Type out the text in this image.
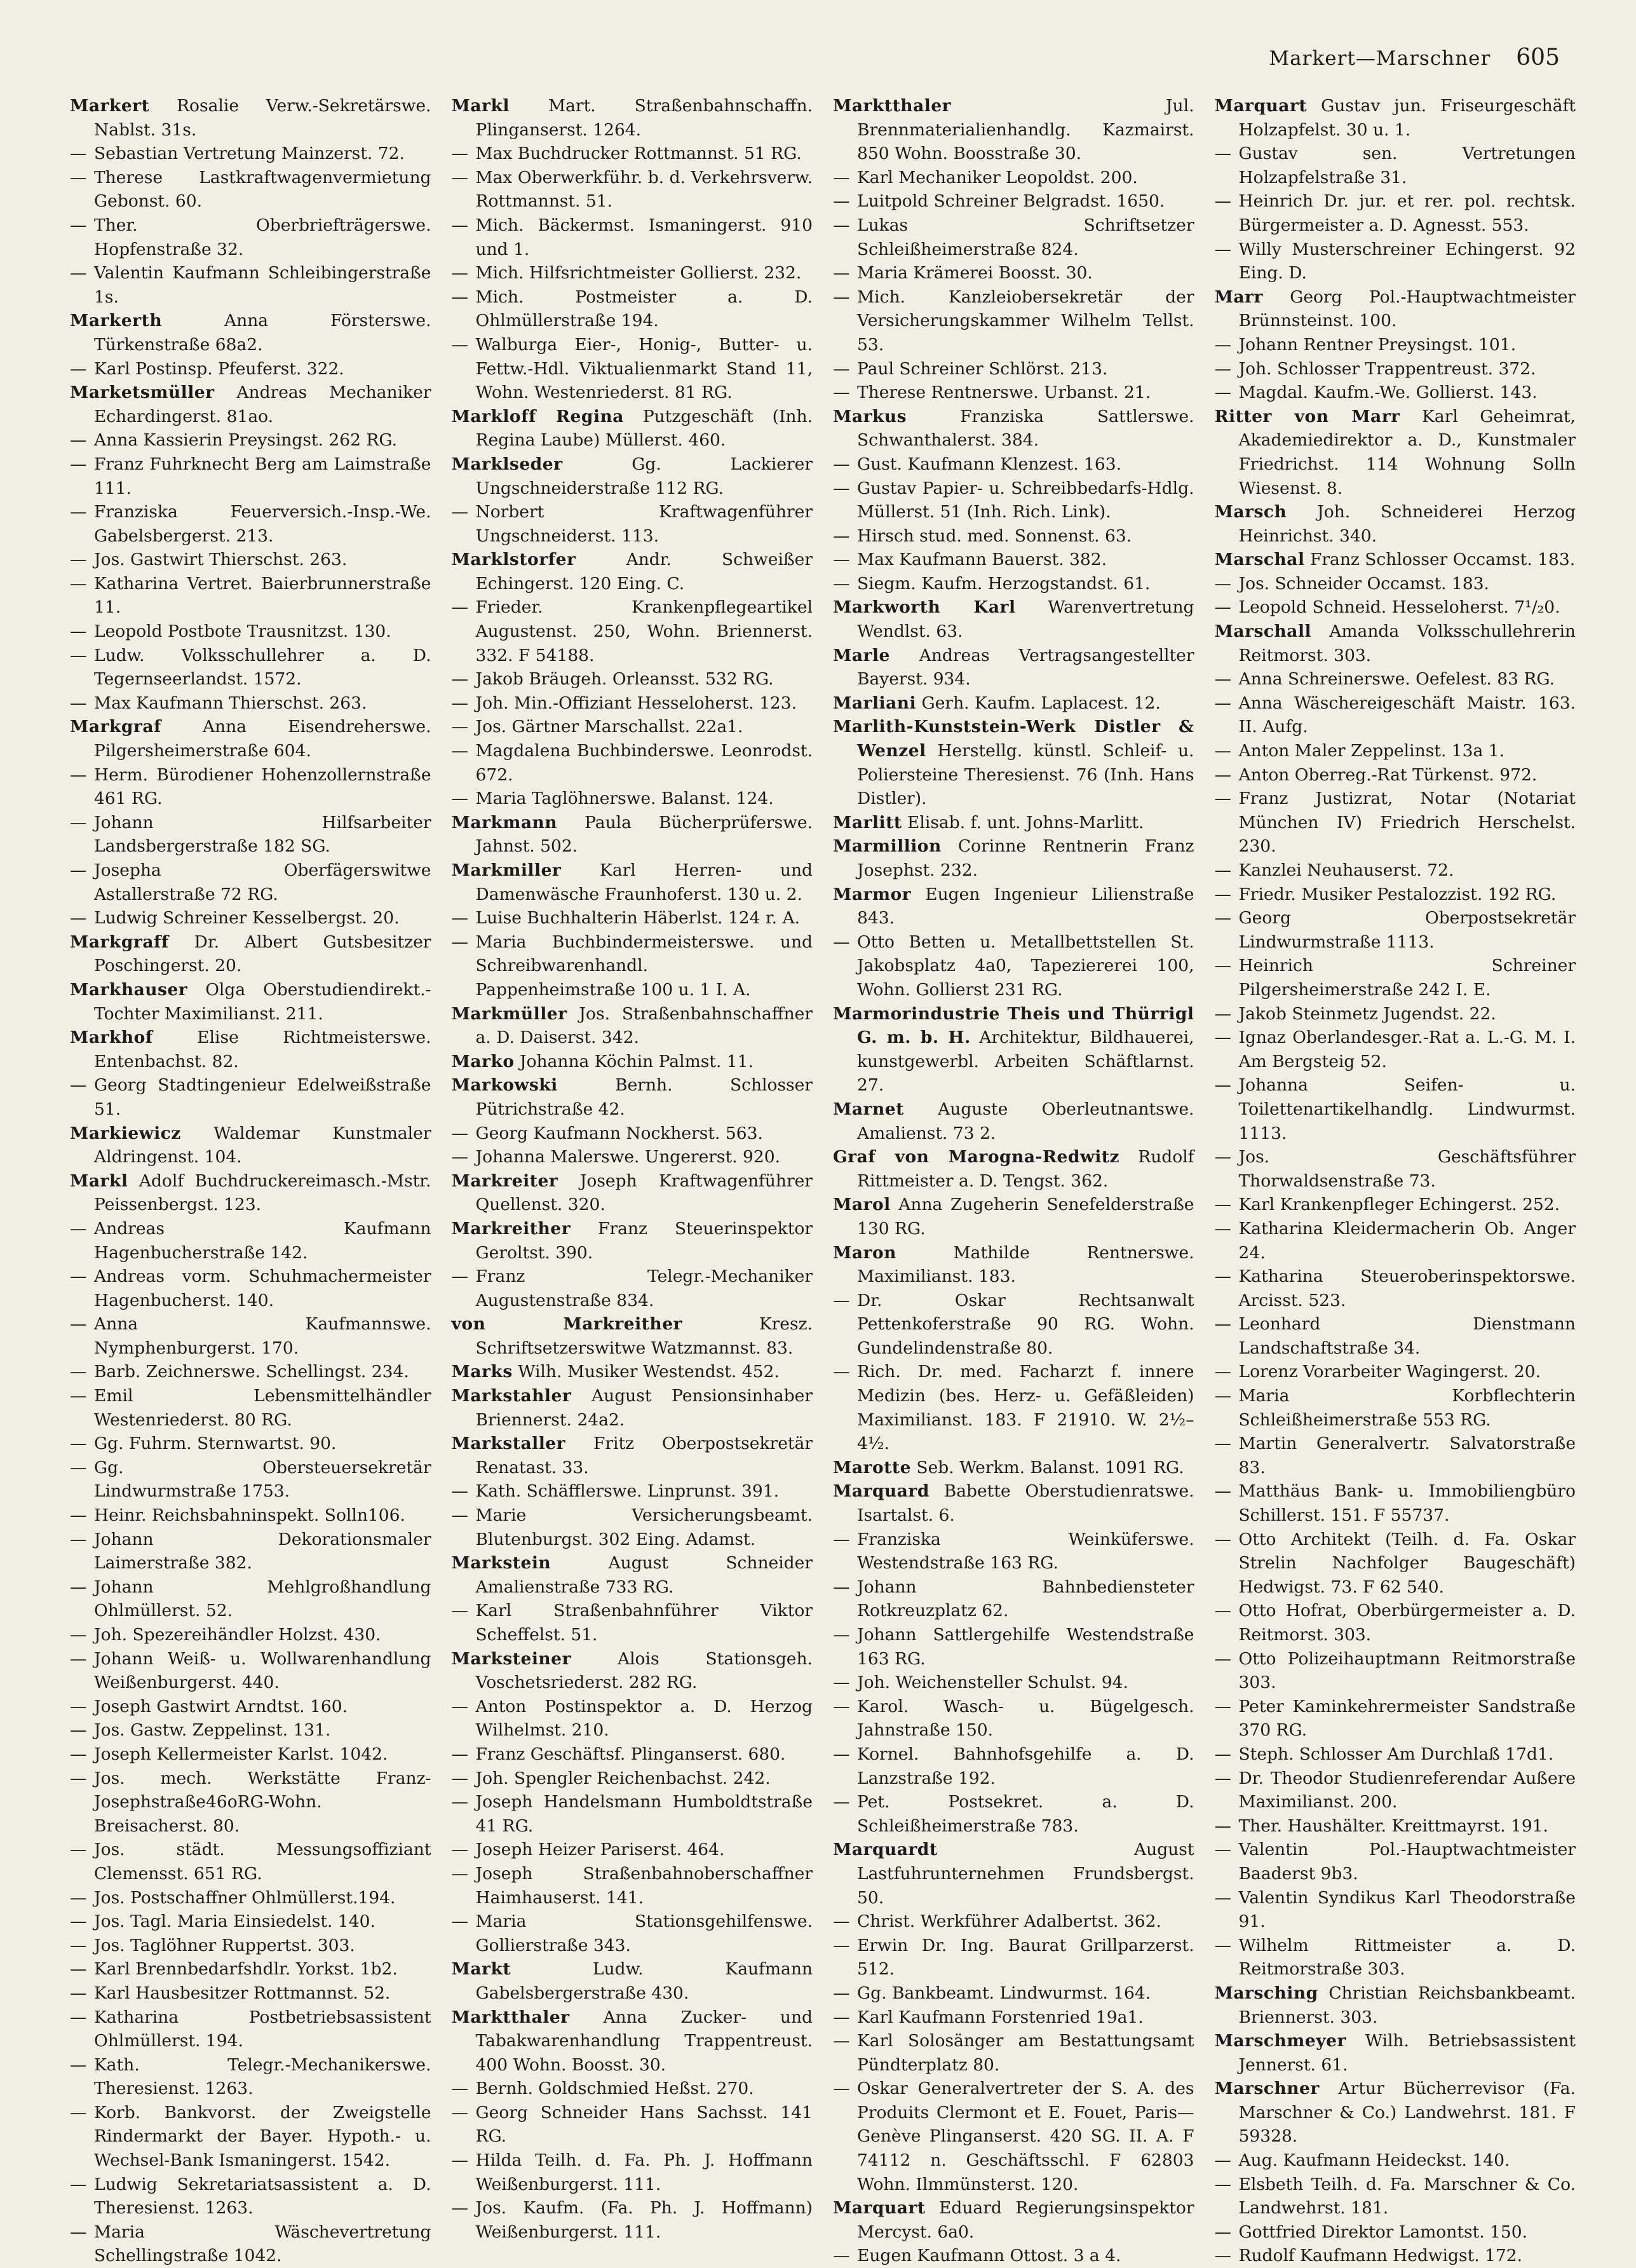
Markert—Marschner 605

Markert Rosalie Verw.-Sekretärswe. Nablst. 31s.

— Sebastian Vertretung Mainzerst. 72.

— Therese Lastkraftwagenvermietung Gebonst. 60.

— Ther. Oberbriefträgerswe. Hopfenstraße 32.

— Valentin Kaufmann Schleibingerstraße 1s.

Markerth	Anna Försterswe. Türkenstraße 68a2.

— Karl Postinsp. Pfeuferst. 322.

Marketsmüller Andreas Mechaniker Echardingerst. 81ao.

— Anna Kassierin Preysingst. 262 RG.

— Franz Fuhrknecht Berg am Laimstraße 111.

— Franziska Feuerversich.-Insp.-We. Gabelsbergerst. 213.

— Jos. Gastwirt Thierschst. 263.

— Katharina Vertret. Baierbrunnerstraße 11.

— Leopold Postbote Trausnitzst. 130.

— Ludw. Volksschullehrer a. D. Tegernseerlandst. 1572.

— Max Kaufmann Thierschst. 263.

Markgraf Anna Eisendreherswe. Pilgersheimerstraße 604.

— Herm. Bürodiener Hohenzollernstraße 461 RG.

— Johann Hilfsarbeiter Landsbergerstraße 182 SG.

— Josepha Oberfägerswitwe Astallerstraße 72 RG.

— Ludwig Schreiner Kesselbergst. 20.

Markgraff Dr. Albert Gutsbesitzer Poschingerst. 20.

Markhauser Olga Oberstudiendirekt.-Tochter Maximilianst. 211.

Markhof	Elise Richtmeisterswe. Entenbachst. 82.

— Georg Stadtingenieur Edelweißstraße 51.

Markiewicz Waldemar Kunstmaler Aldringenst. 104.

Markl Adolf Buchdruckereimasch.-Mstr. Peissenbergst. 123.

— Andreas Kaufmann Hagenbucherstraße 142.

— Andreas vorm. Schuhmachermeister Hagenbucherst. 140.

— Anna Kaufmannswe. Nymphenburgerst. 170.

— Barb. Zeichnerswe. Schellingst. 234.

— Emil Lebensmittelhändler Westenriederst. 80 RG.

— Gg. Fuhrm. Sternwartst. 90.

— Gg. Obersteuersekretär Lindwurmstraße 1753.

— Heinr. Reichsbahninspekt. Solln106.

— Johann Dekorationsmaler Laimerstraße 382.

— Johann Mehlgroßhandlung Ohlmüllerst. 52.

— Joh. Spezereihändler Holzst. 430.

— Johann Weiß- u. Wollwarenhandlung Weißenburgerst. 440.

— Joseph Gastwirt Arndtst. 160.

— Jos. Gastw. Zeppelinst. 131.

— Joseph Kellermeister Karlst. 1042.

— Jos. mech. Werkstätte Franz-Josephstraße46oRG-Wohn. Breisacherst. 80.

— Jos. städt. Messungsoffiziant Clemensst. 651 RG.

— Jos. Postschaffner Ohlmüllerst.194.

— Jos. Tagl. Maria Einsiedelst. 140.

— Jos. Taglöhner Ruppertst. 303.

— Karl Brennbedarfshdlr. Yorkst. 1b2.

— Karl Hausbesitzer Rottmannst. 52.

— Katharina Postbetriebsassistent Ohlmüllerst. 194.

— Kath. Telegr.-Mechanikerswe. Theresienst. 1263.

— Korb. Bankvorst. der Zweigstelle Rindermarkt der Bayer. Hypoth.- u. Wechsel-Bank Ismaningerst. 1542.

— Ludwig Sekretariatsassistent a. D. Theresienst. 1263.

— Maria Wäschevertretung Schellingstraße 1042.

Markl Mart. Straßenbahnschaffn. Plinganserst. 1264.

— Max Buchdrucker Rottmannst. 51 RG.

— Max Oberwerkführ. b. d. Verkehrsverw. Rottmannst. 51.

— Mich. Bäckermst. Ismaningerst. 910 und 1.

— Mich. Hilfsrichtmeister Gollierst. 232.

— Mich. Postmeister a. D. Ohlmüllerstraße 194.

— Walburga Eier-, Honig-, Butter- u. Fettw.-Hdl. Viktualienmarkt Stand 11, Wohn. Westenriederst. 81 RG.

Markloff Regina Putzgeschäft (Inh. Regina Laube) Müllerst. 460.

Marklseder	Gg. Lackierer Ungschneiderstraße 112 RG.

— Norbert Kraftwagenführer Ungschneiderst. 113.

Marklstorfer	Andr. Schweißer Echingerst. 120 Eing. C.

— Frieder. Krankenpflegeartikel Augustenst. 250, Wohn. Briennerst. 332. F 54188.

— Jakob Bräugeh. Orleansst. 532 RG.

— Joh. Min.-Offiziant Hesseloherst. 123.

— Jos. Gärtner Marschallst. 22a1.

— Magdalena Buchbinderswe. Leonrodst. 672.

— Maria Taglöhnerswe. Balanst. 124.

Markmann Paula Bücherprüferswe. Jahnst. 502.

Markmiller Karl Herren- und Damenwäsche Fraunhoferst. 130 u. 2.

— Luise Buchhalterin Häberlst. 124 r. A.

— Maria Buchbindermeisterswe. und Schreibwarenhandl. Pappenheimstraße 100 u. 1 I. A.

Markmüller Jos. Straßenbahnschaffner a. D. Daiserst. 342.

Marko Johanna Köchin Palmst. 11.

Markowski	Bernh. Schlosser Pütrichstraße 42.

— Georg Kaufmann Nockherst. 563.

— Johanna Malerswe. Ungererst. 920.

Markreiter Joseph Kraftwagenführer Quellenst. 320.

Markreither Franz Steuerinspektor Geroltst. 390.

— Franz Telegr.-Mechaniker Augustenstraße 834.

von Markreither	Kresz. Schriftsetzerswitwe Watzmannst. 83.

Marks Wilh. Musiker Westendst. 452.

Markstahler August Pensionsinhaber Briennerst. 24a2.

Markstaller Fritz Oberpostsekretär Renatast. 33.

— Kath. Schäfflerswe. Linprunst. 391.

— Marie Versicherungsbeamt. Blutenburgst. 302 Eing. Adamst.

Markstein	August Schneider Amalienstraße 733 RG.

— Karl Straßenbahnführer Viktor Scheffelst. 51.

Marksteiner	Alois Stationsgeh. Voschetsriederst. 282 RG.

— Anton Postinspektor a. D. Herzog Wilhelmst. 210.

— Franz Geschäftsf. Plinganserst. 680.

— Joh. Spengler Reichenbachst. 242.

— Joseph Handelsmann Humboldtstraße 41 RG.

— Joseph Heizer Pariserst. 464.

— Joseph Straßenbahnoberschaffner Haimhauserst. 141.

— Maria Stationsgehilfenswe. Gollierstraße 343.

Markt	Ludw. Kaufmann Gabelsbergerstraße 430.

Marktthaler Anna Zucker- und Tabakwarenhandlung Trappentreust. 400 Wohn. Boosst. 30.

— Bernh. Goldschmied Heßst. 270.

— Georg Schneider Hans Sachsst. 141 RG.

— Hilda Teilh. d. Fa. Ph. J. Hoffmann Weißenburgerst. 111.

— Jos. Kaufm. (Fa. Ph. J. Hoffmann) Weißenburgerst. 111.

Marktthaler	Jul. Brennmaterialienhandlg. Kazmairst. 850 Wohn. Boosstraße 30.

— Karl Mechaniker Leopoldst. 200.

— Luitpold Schreiner Belgradst. 1650.

— Lukas Schriftsetzer Schleißheimerstraße 824.

— Maria Krämerei Boosst. 30.

— Mich. Kanzleiobersekretär der Versicherungskammer Wilhelm Tellst. 53.

— Paul Schreiner Schlörst. 213.

— Therese Rentnerswe. Urbanst. 21.

Markus	Franziska Sattlerswe. Schwanthalerst. 384.

— Gust. Kaufmann Klenzest. 163.

— Gustav Papier- u. Schreibbedarfs-Hdlg. Müllerst. 51 (Inh. Rich. Link).

— Hirsch stud. med. Sonnenst. 63.

— Max Kaufmann Bauerst. 382.

— Siegm. Kaufm. Herzogstandst. 61.

Markworth Karl Warenvertretung Wendlst. 63.

Marle Andreas Vertragsangestellter Bayerst. 934.

Marliani Gerh. Kaufm. Laplacest. 12.

Marlith-Kunststein-Werk Distler & Wenzel Herstellg. künstl. Schleif- u. Poliersteine Theresienst. 76 (Inh. Hans Distler).

Marlitt Elisab. f. unt. Johns-Marlitt.

Marmillion Corinne Rentnerin Franz Josephst. 232.

Marmor Eugen Ingenieur Lilienstraße 843.

— Otto Betten u. Metallbettstellen St. Jakobsplatz 4a0, Tapeziererei 100, Wohn. Gollierst 231 RG.

Marmorindustrie Theis und Thürrigl G. m. b. H. Architektur, Bildhauerei, kunstgewerbl. Arbeiten Schäftlarnst. 27.

Marnet Auguste Oberleutnantswe. Amalienst. 73 2.

Graf von Marogna-Redwitz Rudolf Rittmeister a. D. Tengst. 362.

Marol Anna Zugeherin Senefelderstraße 130 RG.

Maron	Mathilde Rentnerswe. Maximilianst. 183.

— Dr. Oskar Rechtsanwalt Pettenkoferstraße 90 RG. Wohn. Gundelindenstraße 80.

— Rich. Dr. med. Facharzt f. innere Medizin (bes. Herz- u. Gefäßleiden) Maximilianst. 183. F 21910. W. 2½–4½.

Marotte Seb. Werkm. Balanst. 1091 RG.

Marquard Babette Oberstudienratswe. Isartalst. 6.

— Franziska Weinküferswe. Westendstraße 163 RG.

— Johann Bahnbediensteter Rotkreuzplatz 62.

— Johann Sattlergehilfe Westendstraße 163 RG.

— Joh. Weichensteller Schulst. 94.

— Karol. Wasch- u. Bügelgesch. Jahnstraße 150.

— Kornel. Bahnhofsgehilfe a. D. Lanzstraße 192.

— Pet. Postsekret. a. D. Schleißheimerstraße 783.

Marquardt	August Lastfuhrunternehmen Frundsbergst. 50.

— Christ. Werkführer Adalbertst. 362.

— Erwin Dr. Ing. Baurat Grillparzerst. 512.

— Gg. Bankbeamt. Lindwurmst. 164.

— Karl Kaufmann Forstenried 19a1.

— Karl Solosänger am Bestattungsamt Pündterplatz 80.

— Oskar Generalvertreter der S. A. des Produits Clermont et E. Fouet, Paris—Genève Plinganserst. 420 SG. II. A. F 74112 n. Geschäftsschl. F 62803 Wohn. Ilmmünsterst. 120.

Marquart Eduard Regierungsinspektor Mercyst. 6a0.

— Eugen Kaufmann Ottost. 3 a 4.

Marquart Gustav jun. Friseurgeschäft Holzapfelst. 30 u. 1.

— Gustav sen. Vertretungen Holzapfelstraße 31.

— Heinrich Dr. jur. et rer. pol. rechtsk. Bürgermeister a. D. Agnesst. 553.

— Willy Musterschreiner Echingerst. 92 Eing. D.

Marr Georg Pol.-Hauptwachtmeister Brünnsteinst. 100.

— Johann Rentner Preysingst. 101.

— Joh. Schlosser Trappentreust. 372.

— Magdal. Kaufm.-We. Gollierst. 143.

Ritter von Marr Karl Geheimrat, Akademiedirektor a. D., Kunstmaler Friedrichst. 114 Wohnung Solln Wiesenst. 8.

Marsch Joh. Schneiderei Herzog Heinrichst. 340.

Marschal Franz Schlosser Occamst. 183.

— Jos. Schneider Occamst. 183.

— Leopold Schneid. Hesseloherst. 7¹/₂0.

Marschall Amanda Volksschullehrerin Reitmorst. 303.

— Anna Schreinerswe. Oefelest. 83 RG.

— Anna Wäschereigeschäft Maistr. 163. II. Aufg.

— Anton Maler Zeppelinst. 13a 1.

— Anton Oberreg.-Rat Türkenst. 972.

— Franz Justizrat, Notar (Notariat München IV) Friedrich Herschelst. 230.

— Kanzlei Neuhauserst. 72.

— Friedr. Musiker Pestalozzist. 192 RG.

— Georg Oberpostsekretär Lindwurmstraße 1113.

— Heinrich Schreiner Pilgersheimerstraße 242 I. E.

— Jakob Steinmetz Jugendst. 22.

— Ignaz Oberlandesger.-Rat a. L.-G. M. I. Am Bergsteig 52.

— Johanna Seifen- u. Toilettenartikelhandlg. Lindwurmst. 1113.

— Jos. Geschäftsführer Thorwaldsenstraße 73.

— Karl Krankenpfleger Echingerst. 252.

— Katharina Kleidermacherin Ob. Anger 24.

— Katharina Steueroberinspektorswe. Arcisst. 523.

— Leonhard Dienstmann Landschaftstraße 34.

— Lorenz Vorarbeiter Wagingerst. 20.

— Maria Korbflechterin Schleißheimerstraße 553 RG.

— Martin Generalvertr. Salvatorstraße 83.

— Matthäus Bank- u. Immobiliengbüro Schillerst. 151. F 55737.

— Otto Architekt (Teilh. d. Fa. Oskar Strelin Nachfolger Baugeschäft) Hedwigst. 73. F 62 540.

— Otto Hofrat, Oberbürgermeister a. D. Reitmorst. 303.

— Otto Polizeihauptmann Reitmorstraße 303.

— Peter Kaminkehrermeister Sandstraße 370 RG.

— Steph. Schlosser Am Durchlaß 17d1.

— Dr. Theodor Studienreferendar Außere Maximilianst. 200.

— Ther. Haushälter. Kreittmayrst. 191.

— Valentin Pol.-Hauptwachtmeister Baaderst 9b3.

— Valentin Syndikus Karl Theodorstraße 91.

— Wilhelm Rittmeister a. D. Reitmorstraße 303.

Marsching Christian Reichsbankbeamt. Briennerst. 303.

Marschmeyer Wilh. Betriebsassistent Jennerst. 61.

Marschner Artur Bücherrevisor (Fa. Marschner & Co.) Landwehrst. 181. F 59328.

— Aug. Kaufmann Heideckst. 140.

— Elsbeth Teilh. d. Fa. Marschner & Co. Landwehrst. 181.

— Gottfried Direktor Lamontst. 150.

— Rudolf Kaufmann Hedwigst. 172.
